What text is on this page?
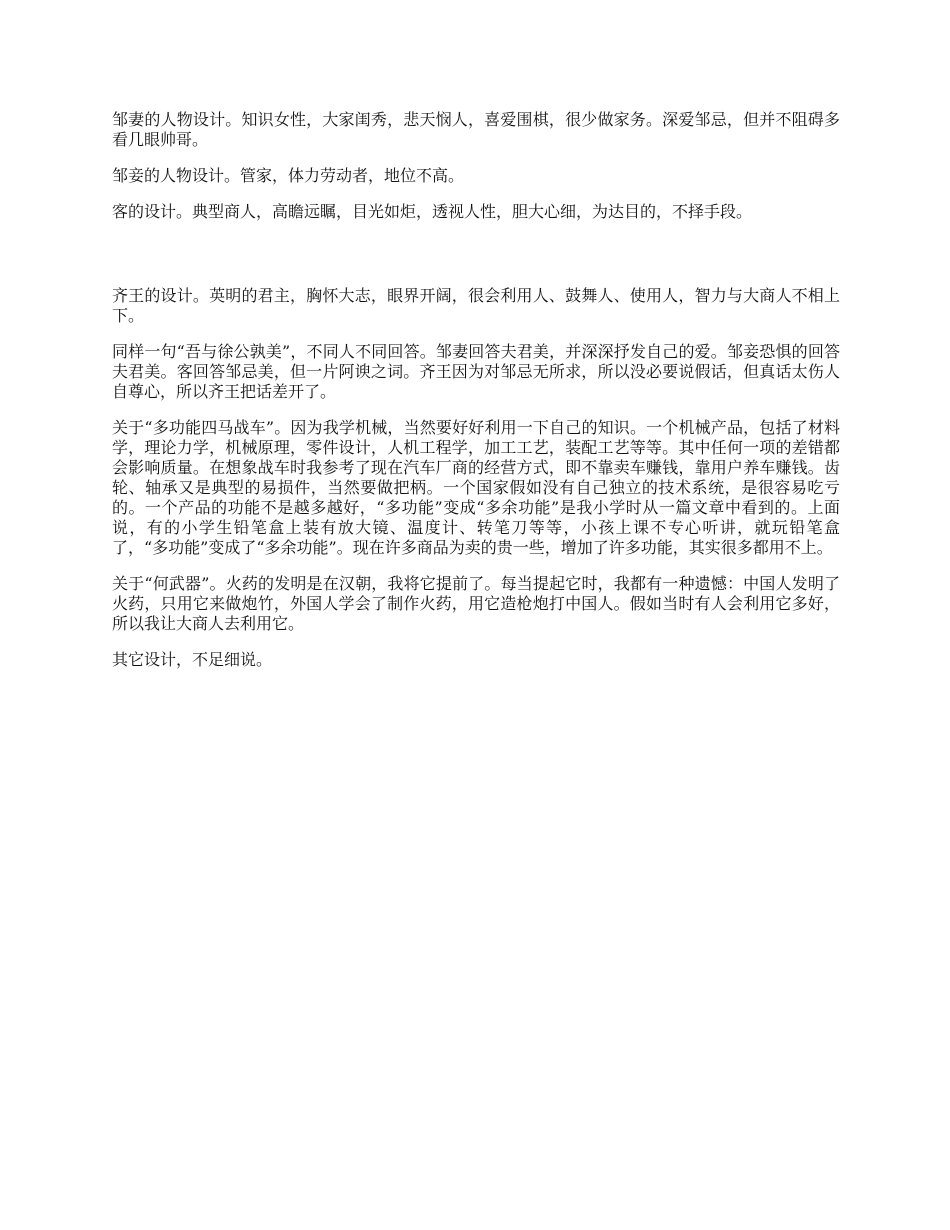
邹妻的人物设计。知识女性，大家闺秀，悲天悯人，喜爱围棋，很少做家务。深爱邹忌，但并不阻碍多看几眼帅哥。

邹妾的人物设计。管家，体力劳动者，地位不高。

客的设计。典型商人，高瞻远瞩，目光如炬，透视人性，胆大心细，为达目的，不择手段。

齐王的设计。英明的君主，胸怀大志，眼界开阔，很会利用人、鼓舞人、使用人，智力与大商人不相上下。

同样一句“吾与徐公孰美”，不同人不同回答。邹妻回答夫君美，并深深抒发自己的爱。邹妾恐惧的回答夫君美。客回答邹忌美，但一片阿谀之词。齐王因为对邹忌无所求，所以没必要说假话，但真话太伤人自尊心，所以齐王把话差开了。

关于“多功能四马战车”。因为我学机械，当然要好好利用一下自己的知识。一个机械产品，包括了材料学，理论力学，机械原理，零件设计，人机工程学，加工工艺，装配工艺等等。其中任何一项的差错都会影响质量。在想象战车时我参考了现在汽车厂商的经营方式，即不靠卖车赚钱，靠用户养车赚钱。齿轮、轴承又是典型的易损件，当然要做把柄。一个国家假如没有自己独立的技术系统，是很容易吃亏的。一个产品的功能不是越多越好，“多功能”变成“多余功能”是我小学时从一篇文章中看到的。上面说，有的小学生铅笔盒上装有放大镜、温度计、转笔刀等等，小孩上课不专心听讲，就玩铅笔盒了，“多功能”变成了“多余功能”。现在许多商品为卖的贵一些，增加了许多功能，其实很多都用不上。

关于“何武器”。火药的发明是在汉朝，我将它提前了。每当提起它时，我都有一种遗憾：中国人发明了火药，只用它来做炮竹，外国人学会了制作火药，用它造枪炮打中国人。假如当时有人会利用它多好，所以我让大商人去利用它。

其它设计，不足细说。
